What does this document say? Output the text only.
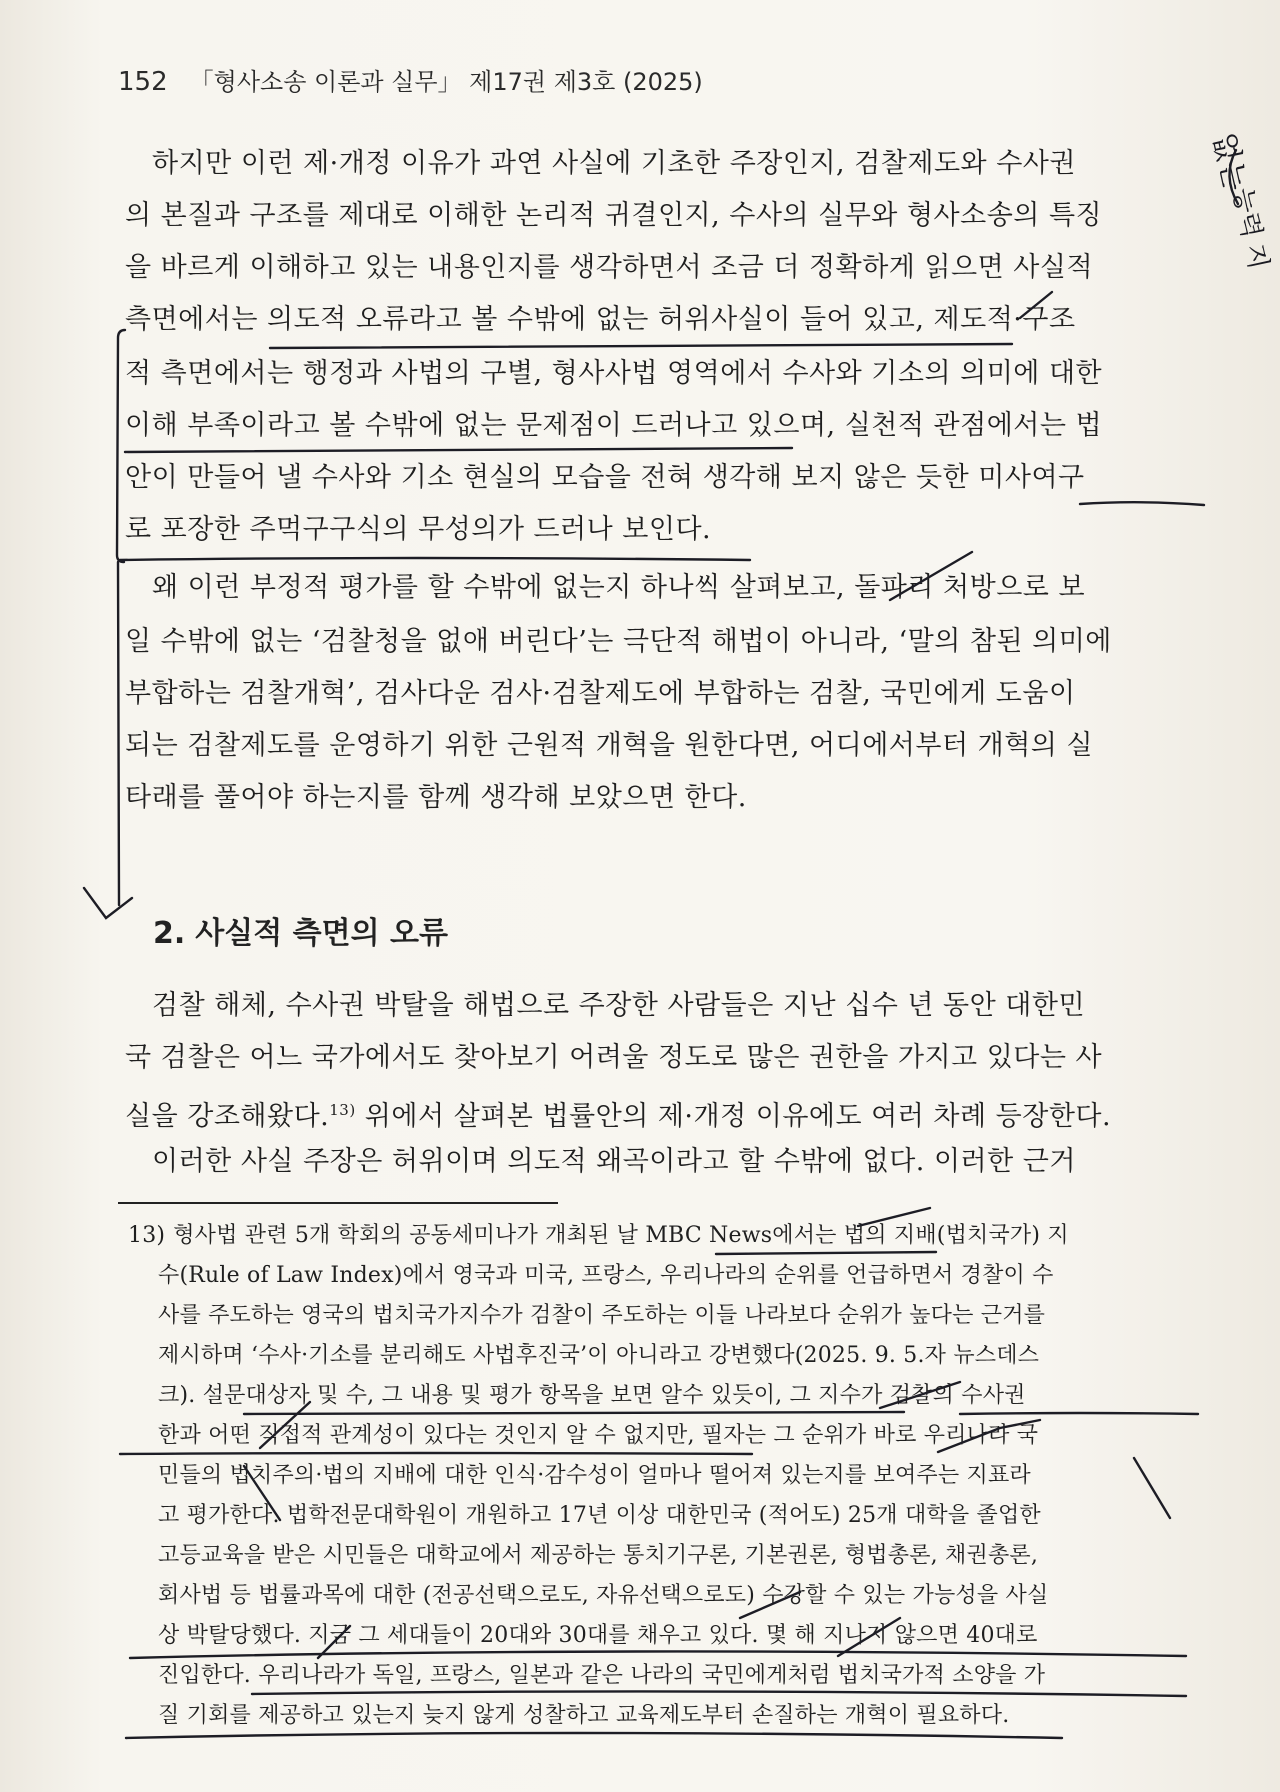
152 「형사소송 이론과 실무」 제17권 제3호 (2025)
하지만 이런 제·개정 이유가 과연 사실에 기초한 주장인지, 검찰제도와 수사권
의 본질과 구조를 제대로 이해한 논리적 귀결인지, 수사의 실무와 형사소송의 특징
을 바르게 이해하고 있는 내용인지를 생각하면서 조금 더 정확하게 읽으면 사실적
측면에서는 의도적 오류라고 볼 수밖에 없는 허위사실이 들어 있고, 제도적·구조
적 측면에서는 행정과 사법의 구별, 형사사법 영역에서 수사와 기소의 의미에 대한
이해 부족이라고 볼 수밖에 없는 문제점이 드러나고 있으며, 실천적 관점에서는 법
안이 만들어 낼 수사와 기소 현실의 모습을 전혀 생각해 보지 않은 듯한 미사여구
로 포장한 주먹구구식의 무성의가 드러나 보인다.
왜 이런 부정적 평가를 할 수밖에 없는지 하나씩 살펴보고, 돌파리 처방으로 보
일 수밖에 없는 ‘검찰청을 없애 버린다’는 극단적 해법이 아니라, ‘말의 참된 의미에
부합하는 검찰개혁’, 검사다운 검사·검찰제도에 부합하는 검찰, 국민에게 도움이
되는 검찰제도를 운영하기 위한 근원적 개혁을 원한다면, 어디에서부터 개혁의 실
타래를 풀어야 하는지를 함께 생각해 보았으면 한다.
2. 사실적 측면의 오류
검찰 해체, 수사권 박탈을 해법으로 주장한 사람들은 지난 십수 년 동안 대한민
국 검찰은 어느 국가에서도 찾아보기 어려울 정도로 많은 권한을 가지고 있다는 사
실을 강조해왔다.$^{13)}$ 위에서 살펴본 법률안의 제·개정 이유에도 여러 차례 등장한다.
이러한 사실 주장은 허위이며 의도적 왜곡이라고 할 수밖에 없다. 이러한 근거
13) 형사법 관련 5개 학회의 공동세미나가 개최된 날 MBC News에서는 법의 지배(법치국가) 지
수(Rule of Law Index)에서 영국과 미국, 프랑스, 우리나라의 순위를 언급하면서 경찰이 수
사를 주도하는 영국의 법치국가지수가 검찰이 주도하는 이들 나라보다 순위가 높다는 근거를
제시하며 ‘수사·기소를 분리해도 사법후진국’이 아니라고 강변했다(2025. 9. 5.자 뉴스데스
크). 설문대상자 및 수, 그 내용 및 평가 항목을 보면 알수 있듯이, 그 지수가 검찰의 수사권
한과 어떤 직접적 관계성이 있다는 것인지 알 수 없지만, 필자는 그 순위가 바로 우리나라 국
민들의 법치주의·법의 지배에 대한 인식·감수성이 얼마나 떨어져 있는지를 보여주는 지표라
고 평가한다. 법학전문대학원이 개원하고 17년 이상 대한민국 (적어도) 25개 대학을 졸업한
고등교육을 받은 시민들은 대학교에서 제공하는 통치기구론, 기본권론, 형법총론, 채권총론,
회사법 등 법률과목에 대한 (전공선택으로도, 자유선택으로도) 수강할 수 있는 가능성을 사실
상 박탈당했다. 지금 그 세대들이 20대와 30대를 채우고 있다. 몇 해 지나지 않으면 40대로
진입한다. 우리나라가 독일, 프랑스, 일본과 같은 나라의 국민에게처럼 법치국가적 소양을 가
질 기회를 제공하고 있는지 늦지 않게 성찰하고 교육제도부터 손질하는 개혁이 필요하다.
없는
능력
지
